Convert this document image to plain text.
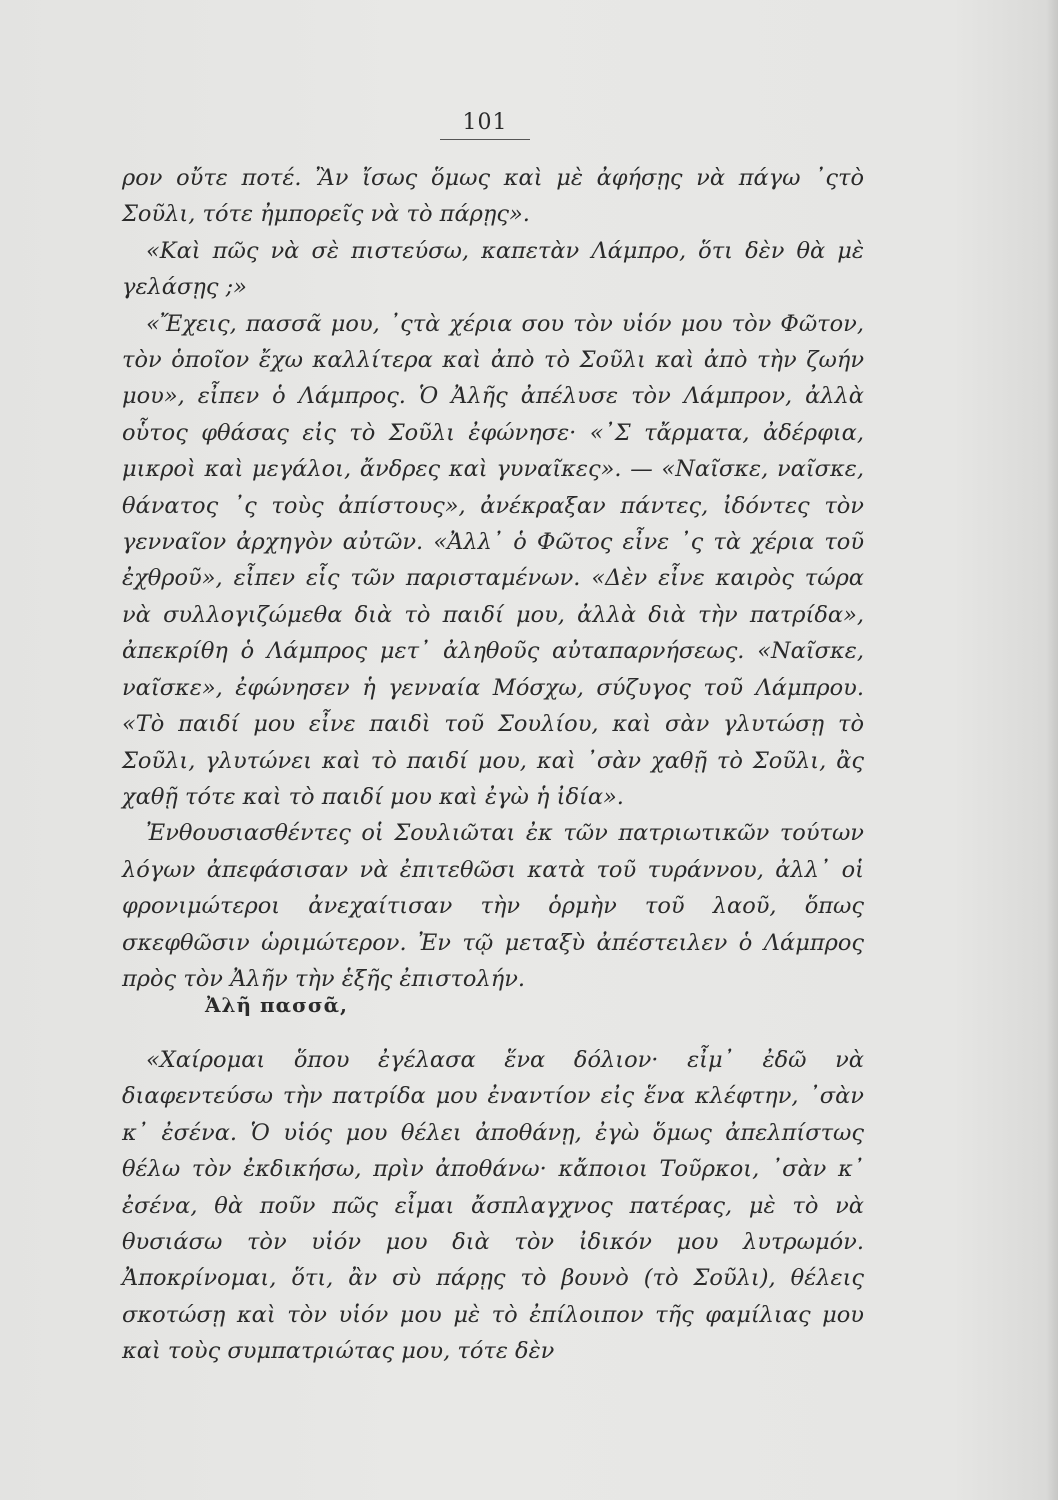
101

ρον οὔτε ποτέ. Ἂν ἴσως ὅμως καὶ μὲ ἀφήσῃς νὰ πάγω ᾽ςτὸ Σοῦλι, τότε ἠμπορεῖς νὰ τὸ πάρῃς».

«Καὶ πῶς νὰ σὲ πιστεύσω, καπετὰν Λάμπρο, ὅτι δὲν θὰ μὲ γελάσῃς ;»

«Ἔχεις, πασσᾶ μου, ᾽ςτὰ χέρια σου τὸν υἱόν μου τὸν Φῶτον, τὸν ὁποῖον ἔχω καλλίτερα καὶ ἀπὸ τὸ Σοῦλι καὶ ἀπὸ τὴν ζωήν μου», εἶπεν ὁ Λάμπρος. Ὁ Ἀλῆς ἀπέλυσε τὸν Λάμπρον, ἀλλὰ οὗτος φθάσας εἰς τὸ Σοῦλι ἐφώνησε· «᾽Σ τἄρματα, ἀδέρφια, μικροὶ καὶ μεγάλοι, ἄνδρες καὶ γυναῖκες». — «Ναῖσκε, ναῖσκε, θάνατος ᾽ς τοὺς ἀπίστους», ἀνέκραξαν πάντες, ἰδόντες τὸν γενναῖον ἀρχηγὸν αὐτῶν. «Ἀλλ᾽ ὁ Φῶτος εἶνε ᾽ς τὰ χέρια τοῦ ἐχθροῦ», εἶπεν εἷς τῶν παρισταμένων. «Δὲν εἶνε καιρὸς τώρα νὰ συλλογιζώμεθα διὰ τὸ παιδί μου, ἀλλὰ διὰ τὴν πατρίδα», ἀπεκρίθη ὁ Λάμπρος μετ᾽ ἀληθοῦς αὐταπαρνήσεως. «Ναῖσκε, ναῖσκε», ἐφώνησεν ἡ γενναία Μόσχω, σύζυγος τοῦ Λάμπρου. «Τὸ παιδί μου εἶνε παιδὶ τοῦ Σουλίου, καὶ σὰν γλυτώσῃ τὸ Σοῦλι, γλυτώνει καὶ τὸ παιδί μου, καὶ ᾽σὰν χαθῇ τὸ Σοῦλι, ἂς χαθῇ τότε καὶ τὸ παιδί μου καὶ ἐγὼ ἡ ἰδία».

Ἐνθουσιασθέντες οἱ Σουλιῶται ἐκ τῶν πατριωτικῶν τούτων λόγων ἀπεφάσισαν νὰ ἐπιτεθῶσι κατὰ τοῦ τυράννου, ἀλλ᾽ οἱ φρονιμώτεροι ἀνεχαίτισαν τὴν ὁρμὴν τοῦ λαοῦ, ὅπως σκεφθῶσιν ὡριμώτερον. Ἐν τῷ μεταξὺ ἀπέστειλεν ὁ Λάμπρος πρὸς τὸν Ἀλῆν τὴν ἑξῆς ἐπιστολήν.

Ἀλῆ πασσᾶ,

«Χαίρομαι ὅπου ἐγέλασα ἕνα δόλιον· εἶμ᾽ ἐδῶ νὰ διαφεντεύσω τὴν πατρίδα μου ἐναντίον εἰς ἕνα κλέφτην, ᾽σὰν κ᾽ ἐσένα. Ὁ υἱός μου θέλει ἀποθάνῃ, ἐγὼ ὅμως ἀπελπίστως θέλω τὸν ἐκδικήσω, πρὶν ἀποθάνω· κἄποιοι Τοῦρκοι, ᾽σὰν κ᾽ ἐσένα, θὰ ποῦν πῶς εἶμαι ἄσπλαγχνος πατέρας, μὲ τὸ νὰ θυσιάσω τὸν υἱόν μου διὰ τὸν ἰδικόν μου λυτρωμόν. Ἀποκρίνομαι, ὅτι, ἂν σὺ πάρῃς τὸ βουνὸ (τὸ Σοῦλι), θέλεις σκοτώσῃ καὶ τὸν υἱόν μου μὲ τὸ ἐπίλοιπον τῆς φαμίλιας μου καὶ τοὺς συμπατριώτας μου, τότε δὲν
